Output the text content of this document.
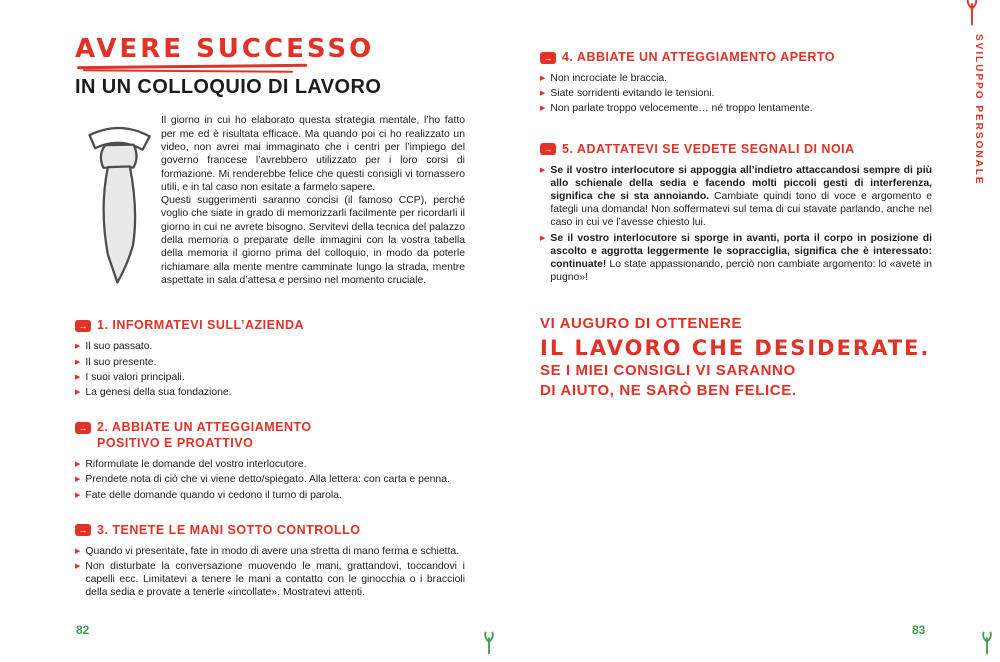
AVERE SUCCESSO
IN UN COLLOQUIO DI LAVORO

Il giorno in cui ho elaborato questa strategia mentale, l’ho fatto per me ed è risultata efficace. Ma quando poi ci ho realizzato un video, non avrei mai immaginato che i centri per l’impiego del governo francese l’avrebbero utilizzato per i loro corsi di formazione. Mi renderebbe felice che questi consigli vi tornassero utili, e in tal caso non esitate a farmelo sapere.

Questi suggerimenti saranno concisi (il famoso CCP), perché voglio che siate in grado di memorizzarli facilmente per ricordarli il giorno in cui ne avrete bisogno. Servitevi della tecnica del palazzo della memoria o preparate delle immagini con la vostra tabella della memoria il giorno prima del colloquio, in modo da poterle richiamare alla mente mentre camminate lungo la strada, mentre aspettate in sala d’attesa e persino nel momento cruciale.

→ 1. INFORMATEVI SULL’AZIENDA
▶ Il suo passato.
▶ Il suo presente.
▶ I suoi valori principali.
▶ La genesi della sua fondazione.
→ 2. ABBIATE UN ATTEGGIAMENTO
POSITIVO E PROATTIVO
▶ Riformulate le domande del vostro interlocutore.
▶ Prendete nota di ciò che vi viene detto/spiegato. Alla lettera: con carta e penna.
▶ Fate delle domande quando vi cedono il turno di parola.
→ 3. TENETE LE MANI SOTTO CONTROLLO
▶ Quando vi presentate, fate in modo di avere una stretta di mano ferma e schietta.
▶ Non disturbate la conversazione muovendo le mani, grattandovi, toccandovi i capelli ecc. Limitatevi a tenere le mani a contatto con le ginocchia o i braccioli della sedia e provate a tenerle «incollate». Mostratevi attenti.
→ 4. ABBIATE UN ATTEGGIAMENTO APERTO
▶ Non incrociate le braccia.
▶ Siate sorridenti evitando le tensioni.
▶ Non parlate troppo velocemente… né troppo lentamente.
→ 5. ADATTATEVI SE VEDETE SEGNALI DI NOIA
▶ Se il vostro interlocutore si appoggia all’indietro attaccandosi sempre di più allo schienale della sedia e facendo molti piccoli gesti di interferenza, significa che si sta annoiando. Cambiate quindi tono di voce e argomento e fategli una domanda! Non soffermatevi sul tema di cui stavate parlando, anche nel caso in cui ve l’avesse chiesto lui.
▶ Se il vostro interlocutore si sporge in avanti, porta il corpo in posizione di ascolto e aggrotta leggermente le sopracciglia, significa che è interessato: continuate! Lo state appassionando, perciò non cambiate argomento: lo «avete in pugno»!
VI AUGURO DI OTTENERE
IL LAVORO CHE DESIDERATE.
SE I MIEI CONSIGLI VI SARANNO
DI AIUTO, NE SARÒ BEN FELICE.
82	83
SVILUPPO PERSONALE
